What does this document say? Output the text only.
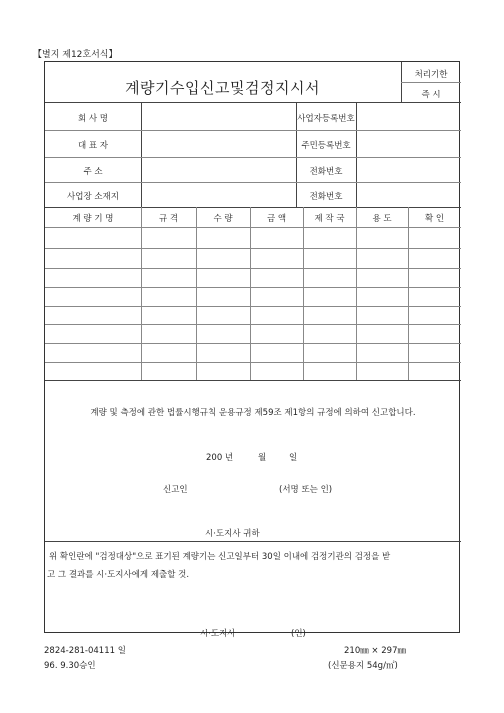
【별지 제12호서식】
계량기수입신고및검정지시서
처리기한
즉 시
회 사 명	사업자등록번호
대 표 자	주민등록번호
주 소	전화번호
사업장 소재지	전화번호
계 량 기 명	규 격	수 량	금 액	제 작 국	용 도	확 인
계량 및 측정에 관한 법률시행규칙 운용규정 제59조 제1항의 규정에 의하여 신고합니다.
200 년	월	일
신고인	(서명 또는 인)
시·도지사 귀하
위 확인란에 "검정대상"으로 표기된 계량기는 신고일부터 30일 이내에 검정기관의 검정을 받
고 그 결과를 시·도지사에게 제출할 것.
시·도지사	(인)
2824-281-04111 일	210㎜ × 297㎜
96. 9.30승인	(신문용지 54g/㎡)
